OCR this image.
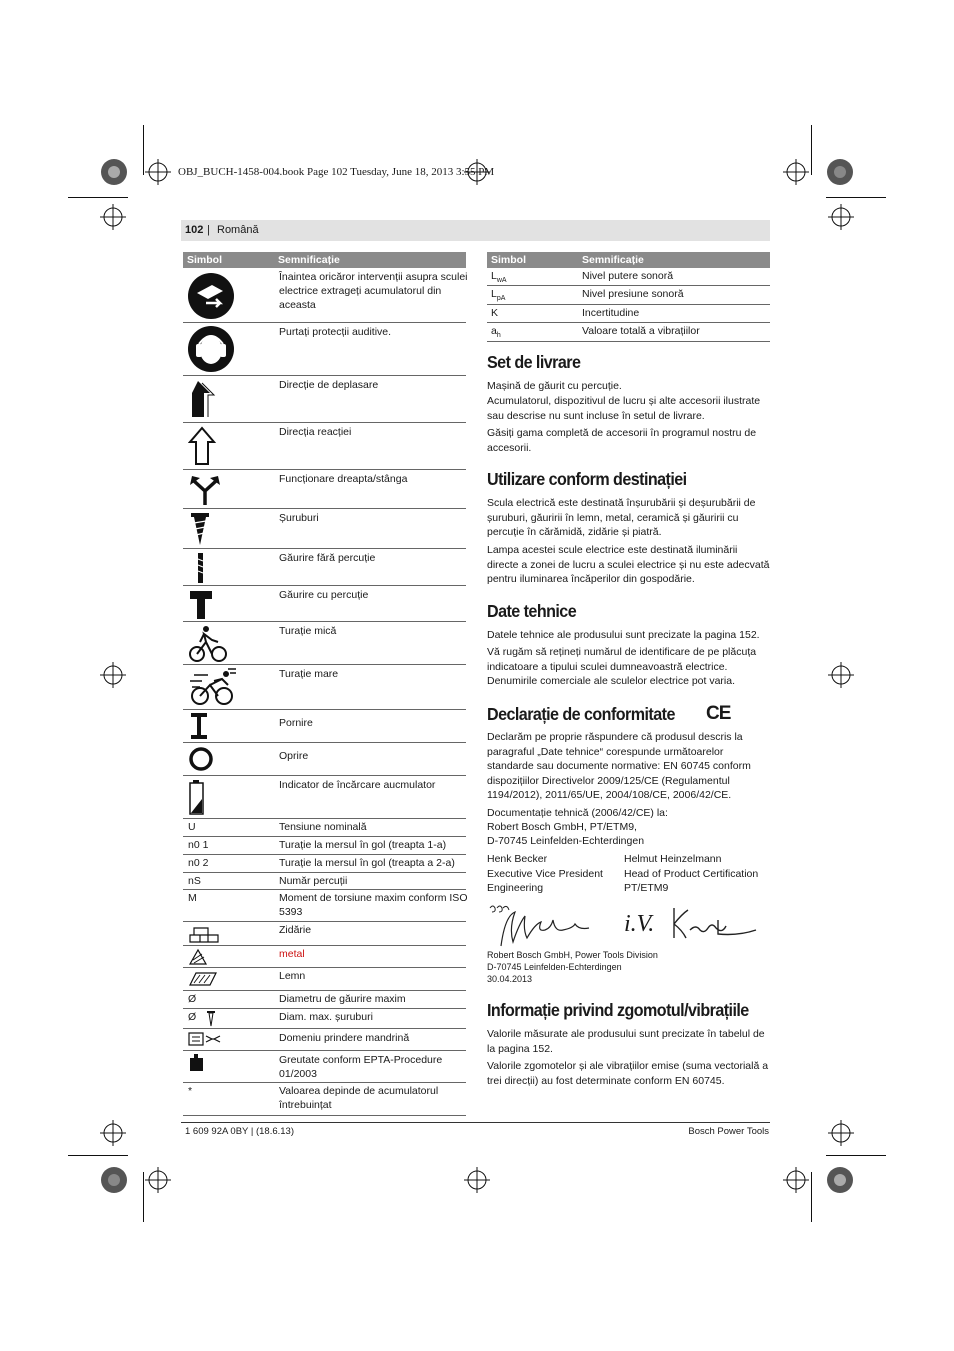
OBJ_BUCH-1458-004.book Page 102 Tuesday, June 18, 2013 3:55 PM
102 | Română
Simbol	Semnificație
Înaintea oricăror intervenții asupra sculei electrice extrageți acumulatorul din aceasta
Purtați protecții auditive.
Direcție de deplasare
Direcția reacției
Funcționare dreapta/stânga
Șuruburi
Găurire fără percuție
Găurire cu percuție
Turație mică
Turație mare
Pornire
Oprire
Indicator de încărcare aucmulator
U	Tensiune nominală
n0 1	Turație la mersul în gol (treapta 1-a)
n0 2	Turație la mersul în gol (treapta a 2-a)
nS	Număr percuții
M	Moment de torsiune maxim conform ISO 5393
Zidărie
metal
Lemn
Ø	Diametru de găurire maxim
Ø	Diam. max. șuruburi
Domeniu prindere mandrină
Greutate conform EPTA-Procedure 01/2003
*	Valoarea depinde de acumulatorul întrebuințat
Simbol	Semnificație
$L_{wA}$	Nivel putere sonoră
$L_{pA}$	Nivel presiune sonoră
K	Incertitudine
$a_h$	Valoare totală a vibrațiilor
Set de livrare
Mașină de găurit cu percuție.
Acumulatorul, dispozitivul de lucru și alte accesorii ilustrate sau descrise nu sunt incluse în setul de livrare.
Găsiți gama completă de accesorii în programul nostru de accesorii.
Utilizare conform destinației
Scula electrică este destinată înșurubării și deșurubării de șuruburi, găuririi în lemn, metal, ceramică și găuririi cu percuție în cărămidă, zidărie și piatră.
Lampa acestei scule electrice este destinată iluminării directe a zonei de lucru a sculei electrice și nu este adecvată pentru iluminarea încăperilor din gospodărie.
Date tehnice
Datele tehnice ale produsului sunt precizate la pagina 152.
Vă rugăm să rețineți numărul de identificare de pe plăcuța indicatoare a tipului sculei dumneavoastră electrice. Denumirile comerciale ale sculelor electrice pot varia.
Declarație de conformitate CE
Declarăm pe proprie răspundere că produsul descris la paragraful „Date tehnice“ corespunde următoarelor standarde sau documente normative: EN 60745 conform dispozițiilor Directivelor 2009/125/CE (Regulamentul 1194/2012), 2011/65/UE, 2004/108/CE, 2006/42/CE.
Documentație tehnică (2006/42/CE) la:
Robert Bosch GmbH, PT/ETM9,
D-70745 Leinfelden-Echterdingen
Henk Becker
Executive Vice President
Engineering
Helmut Heinzelmann
Head of Product Certification
PT/ETM9
i.V.
Robert Bosch GmbH, Power Tools Division
D-70745 Leinfelden-Echterdingen
30.04.2013
Informație privind zgomotul/vibrațiile
Valorile măsurate ale produsului sunt precizate în tabelul de la pagina 152.
Valorile zgomotelor și ale vibrațiilor emise (suma vectorială a trei direcții) au fost determinate conform EN 60745.
1 609 92A 0BY | (18.6.13)	Bosch Power Tools
